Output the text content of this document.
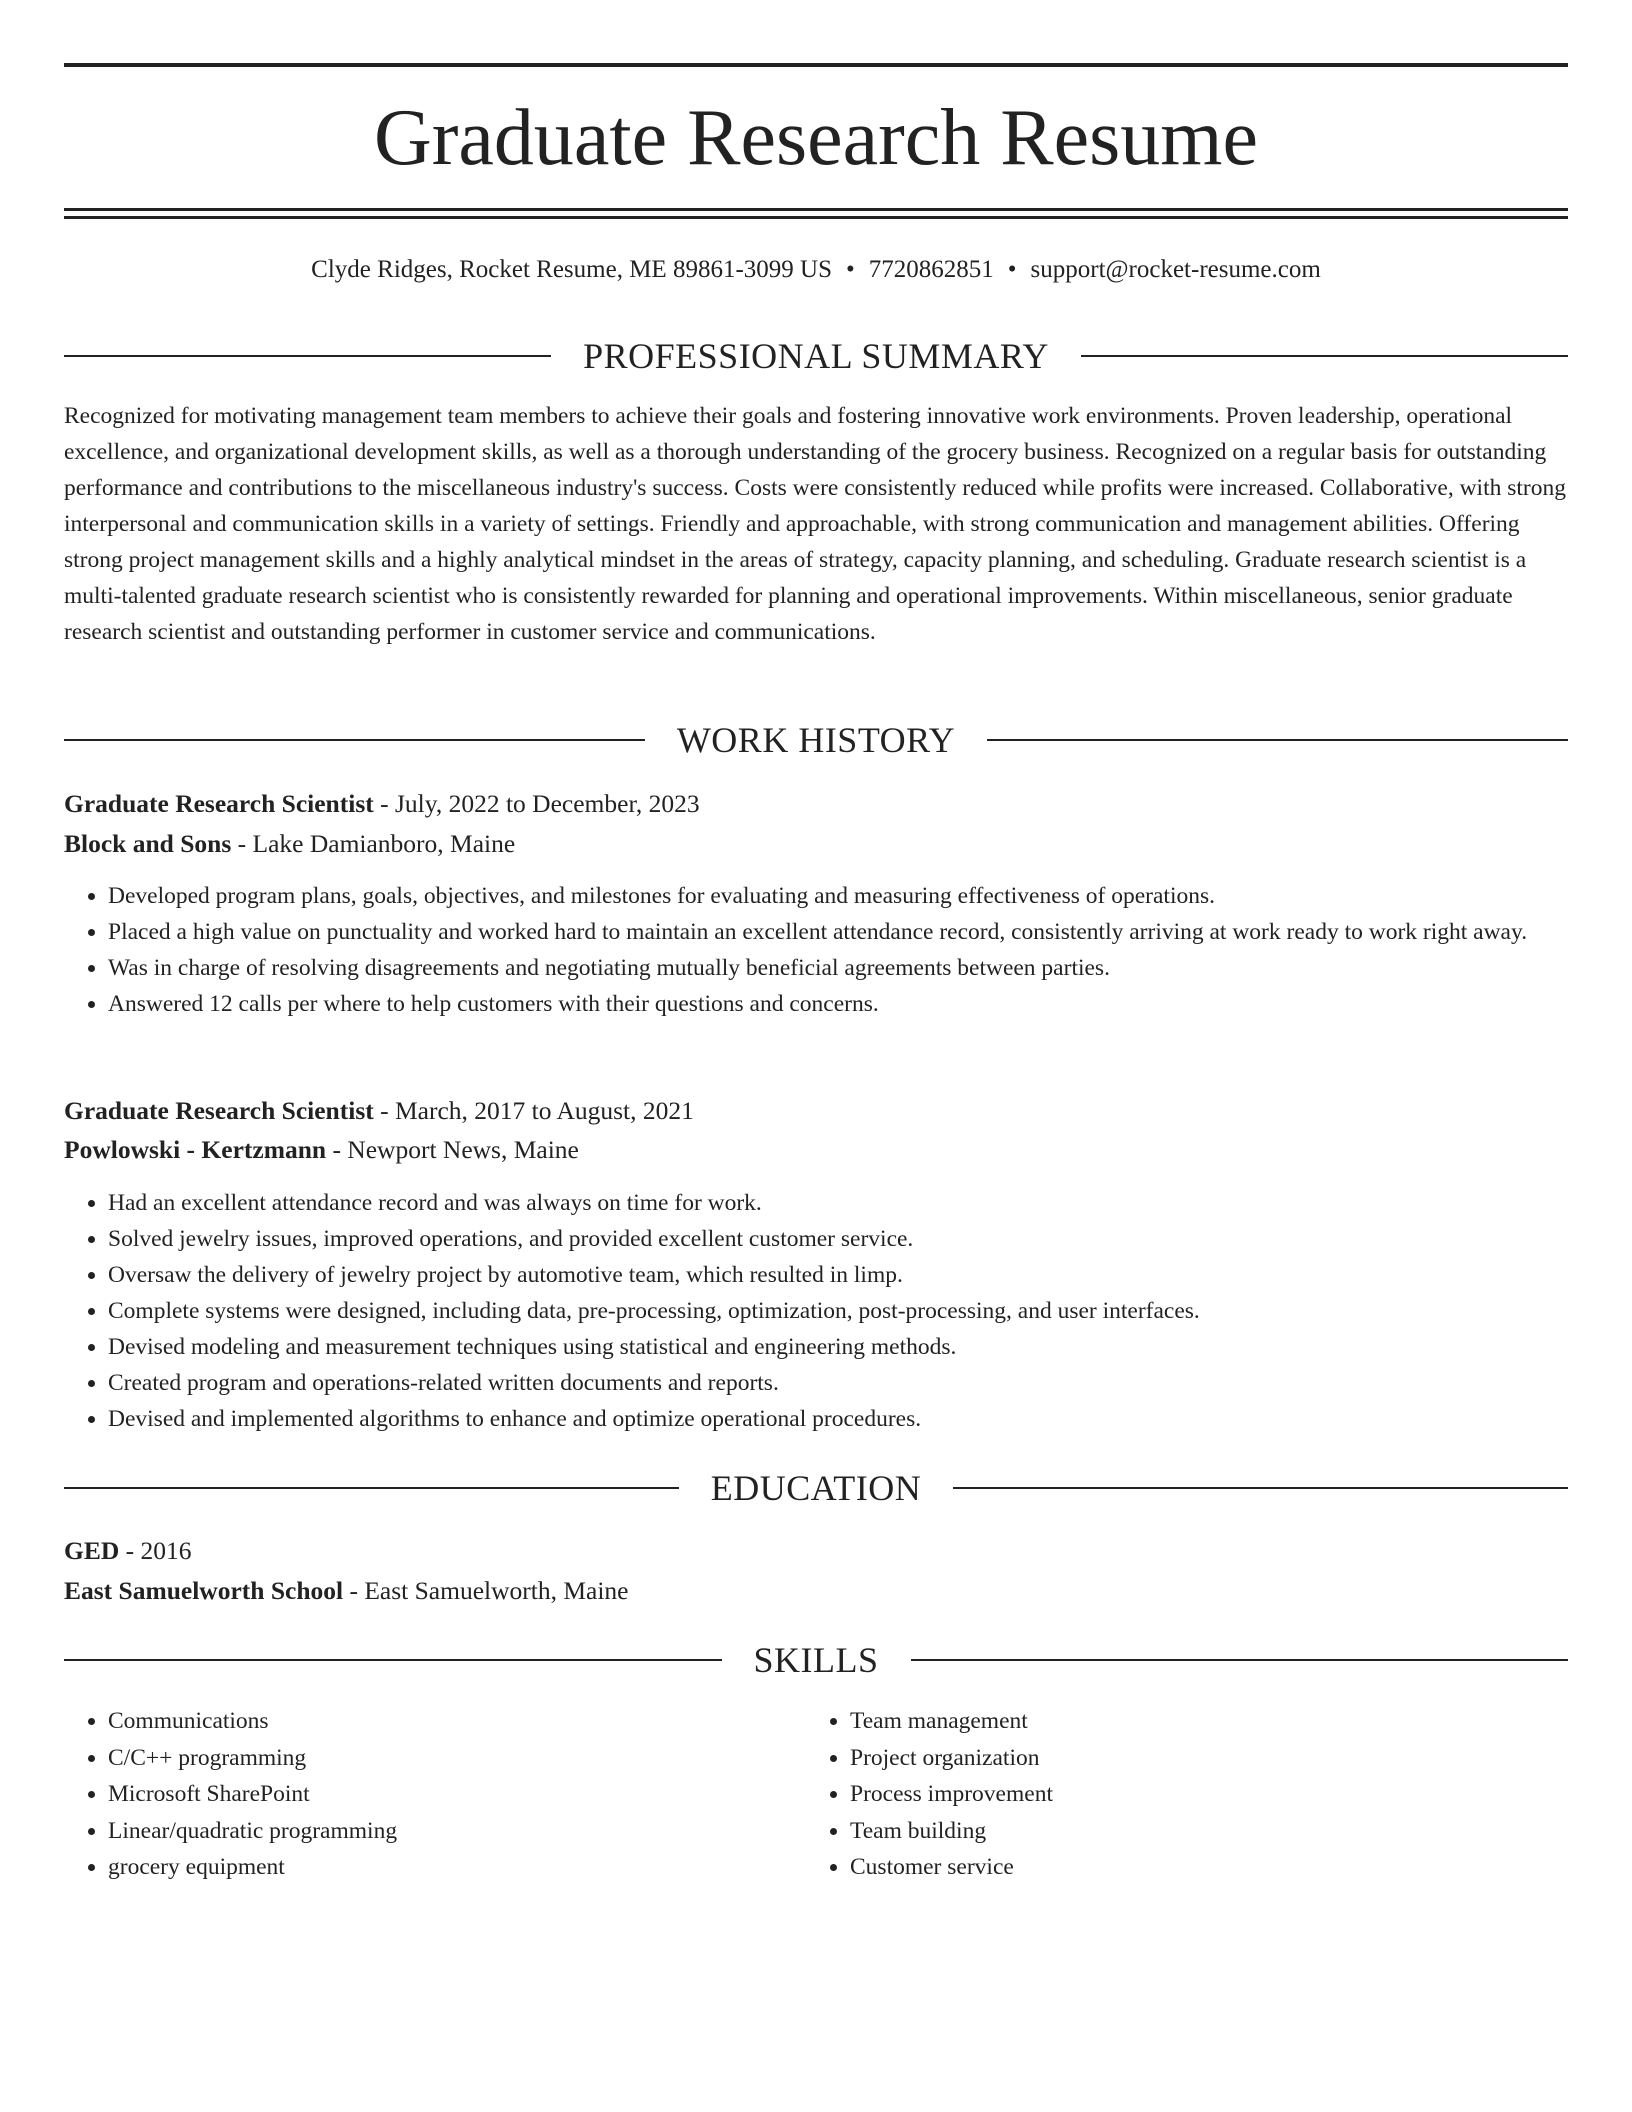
Graduate Research Resume
Clyde Ridges, Rocket Resume, ME 89861-3099 US • 7720862851 • support@rocket-resume.com
PROFESSIONAL SUMMARY

Recognized for motivating management team members to achieve their goals and fostering innovative work environments. Proven leadership, operational excellence, and organizational development skills, as well as a thorough understanding of the grocery business. Recognized on a regular basis for outstanding performance and contributions to the miscellaneous industry's success. Costs were consistently reduced while profits were increased. Collaborative, with strong interpersonal and communication skills in a variety of settings. Friendly and approachable, with strong communication and management abilities. Offering strong project management skills and a highly analytical mindset in the areas of strategy, capacity planning, and scheduling. Graduate research scientist is a multi-talented graduate research scientist who is consistently rewarded for planning and operational improvements. Within miscellaneous, senior graduate research scientist and outstanding performer in customer service and communications.

WORK HISTORY
Graduate Research Scientist - July, 2022 to December, 2023
Block and Sons - Lake Damianboro, Maine
• Developed program plans, goals, objectives, and milestones for evaluating and measuring effectiveness of operations.
• Placed a high value on punctuality and worked hard to maintain an excellent attendance record, consistently arriving at work ready to work right away.
• Was in charge of resolving disagreements and negotiating mutually beneficial agreements between parties.
• Answered 12 calls per where to help customers with their questions and concerns.
Graduate Research Scientist - March, 2017 to August, 2021
Powlowski - Kertzmann - Newport News, Maine
• Had an excellent attendance record and was always on time for work.
• Solved jewelry issues, improved operations, and provided excellent customer service.
• Oversaw the delivery of jewelry project by automotive team, which resulted in limp.
• Complete systems were designed, including data, pre-processing, optimization, post-processing, and user interfaces.
• Devised modeling and measurement techniques using statistical and engineering methods.
• Created program and operations-related written documents and reports.
• Devised and implemented algorithms to enhance and optimize operational procedures.
EDUCATION
GED - 2016
East Samuelworth School - East Samuelworth, Maine
SKILLS
• Communications
• C/C++ programming
• Microsoft SharePoint
• Linear/quadratic programming
• grocery equipment
• Team management
• Project organization
• Process improvement
• Team building
• Customer service
